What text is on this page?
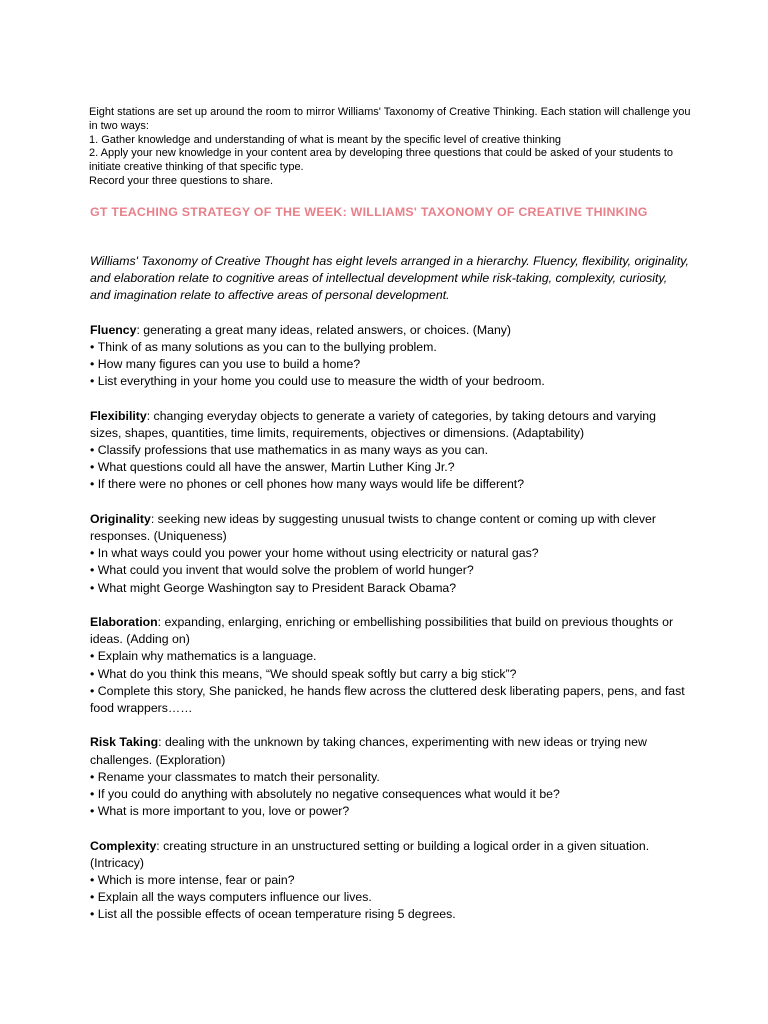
Eight stations are set up around the room to mirror Williams' Taxonomy of Creative Thinking. Each station will challenge you in two ways:

1. Gather knowledge and understanding of what is meant by the specific level of creative thinking

2. Apply your new knowledge in your content area by developing three questions that could be asked of your students to initiate creative thinking of that specific type.

Record your three questions to share.

GT TEACHING STRATEGY OF THE WEEK: WILLIAMS' TAXONOMY OF CREATIVE THINKING

Williams' Taxonomy of Creative Thought has eight levels arranged in a hierarchy. Fluency, flexibility, originality, and elaboration relate to cognitive areas of intellectual development while risk-taking, complexity, curiosity, and imagination relate to affective areas of personal development.

Fluency: generating a great many ideas, related answers, or choices. (Many)

• Think of as many solutions as you can to the bullying problem.

• How many figures can you use to build a home?

• List everything in your home you could use to measure the width of your bedroom.

Flexibility: changing everyday objects to generate a variety of categories, by taking detours and varying sizes, shapes, quantities, time limits, requirements, objectives or dimensions. (Adaptability)

• Classify professions that use mathematics in as many ways as you can.

• What questions could all have the answer, Martin Luther King Jr.?

• If there were no phones or cell phones how many ways would life be different?

Originality: seeking new ideas by suggesting unusual twists to change content or coming up with clever responses. (Uniqueness)

• In what ways could you power your home without using electricity or natural gas?

• What could you invent that would solve the problem of world hunger?

• What might George Washington say to President Barack Obama?

Elaboration: expanding, enlarging, enriching or embellishing possibilities that build on previous thoughts or ideas. (Adding on)

• Explain why mathematics is a language.

• What do you think this means, “We should speak softly but carry a big stick”?

• Complete this story, She panicked, he hands flew across the cluttered desk liberating papers, pens, and fast food wrappers……

Risk Taking: dealing with the unknown by taking chances, experimenting with new ideas or trying new challenges. (Exploration)

• Rename your classmates to match their personality.

• If you could do anything with absolutely no negative consequences what would it be?

• What is more important to you, love or power?

Complexity: creating structure in an unstructured setting or building a logical order in a given situation. (Intricacy)

• Which is more intense, fear or pain?

• Explain all the ways computers influence our lives.

• List all the possible effects of ocean temperature rising 5 degrees.
